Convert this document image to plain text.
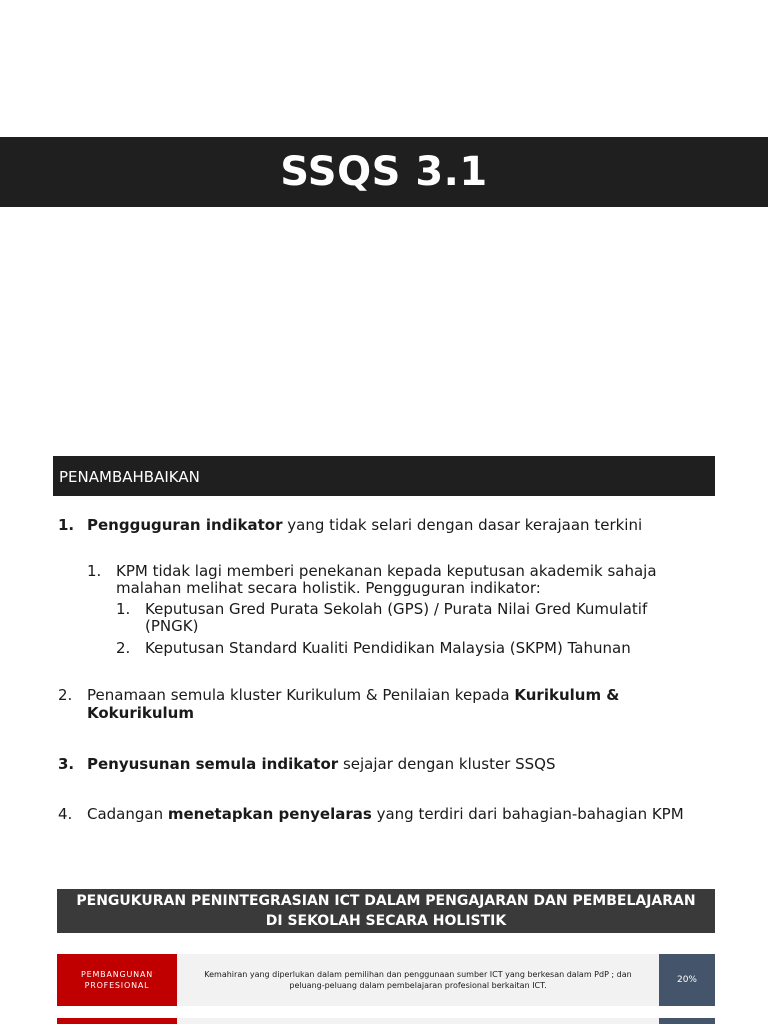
SSQS 3.1
PENAMBAHBAIKAN
1. Pengguguran indikator yang tidak selari dengan dasar kerajaan terkini
1. KPM tidak lagi memberi penekanan kepada keputusan akademik sahaja malahan melihat secara holistik. Pengguguran indikator:
1. Keputusan Gred Purata Sekolah (GPS) / Purata Nilai Gred Kumulatif (PNGK)
2. Keputusan Standard Kualiti Pendidikan Malaysia (SKPM) Tahunan
2. Penamaan semula kluster Kurikulum & Penilaian kepada Kurikulum & Kokurikulum
3. Penyusunan semula indikator sejajar dengan kluster SSQS
4. Cadangan menetapkan penyelaras yang terdiri dari bahagian-bahagian KPM
PENGUKURAN PENINTEGRASIAN ICT DALAM PENGAJARAN DAN PEMBELAJARAN DI SEKOLAH SECARA HOLISTIK
PEMBANGUNAN PROFESIONAL
Kemahiran yang diperlukan dalam pemilihan dan penggunaan sumber ICT yang berkesan dalam PdP ; dan peluang-peluang dalam pembelajaran profesional berkaitan ICT.
20%
